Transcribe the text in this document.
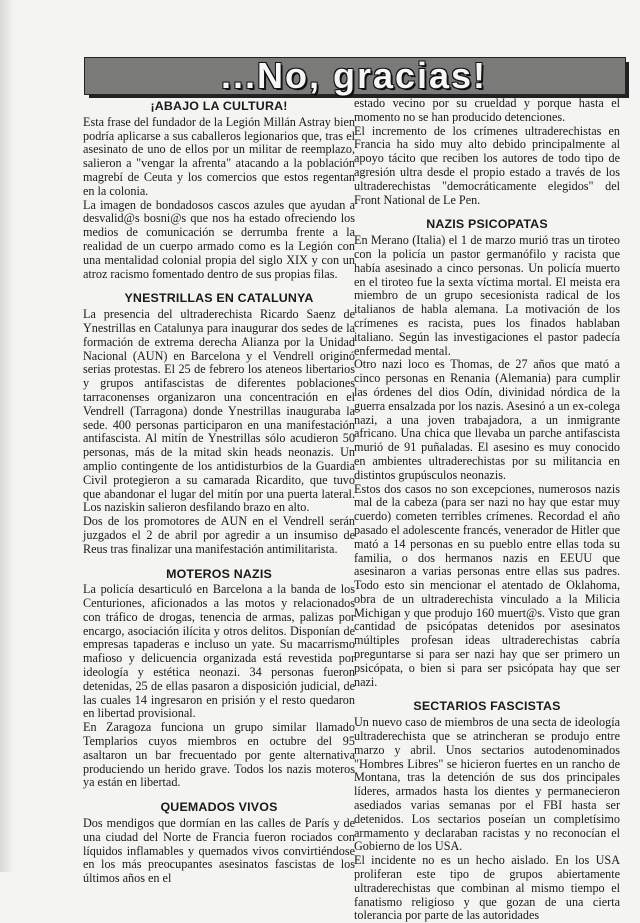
...No, gracias!
¡ABAJO LA CULTURA!

Esta frase del fundador de la Legión Millán Astray bien podría aplicarse a sus caballeros legionarios que, tras el asesinato de uno de ellos por un militar de reemplazo, salieron a "vengar la afrenta" atacando a la población magrebí de Ceuta y los comercios que estos regentan en la colonia.

La imagen de bondadosos cascos azules que ayudan a desvalid@s bosni@s que nos ha estado ofreciendo los medios de comunicación se derrumba frente a la realidad de un cuerpo armado como es la Legión con una mentalidad colonial propia del siglo XIX y con un atroz racismo fomentado dentro de sus propias filas.

YNESTRILLAS EN CATALUNYA

La presencia del ultraderechista Ricardo Saenz de Ynestrillas en Catalunya para inaugurar dos sedes de la formación de extrema derecha Alianza por la Unidad Nacional (AUN) en Barcelona y el Vendrell originó serias protestas. El 25 de febrero los ateneos libertarios y grupos antifascistas de diferentes poblaciones tarraconenses organizaron una concentración en el Vendrell (Tarragona) donde Ynestrillas inauguraba la sede. 400 personas participaron en una manifestación antifascista. Al mitín de Ynestrillas sólo acudieron 50 personas, más de la mitad skin heads neonazis. Un amplio contingente de los antidisturbios de la Guardia Civil protegieron a su camarada Ricardito, que tuvo que abandonar el lugar del mitín por una puerta lateral. Los naziskin salieron desfilando brazo en alto.

Dos de los promotores de AUN en el Vendrell serán juzgados el 2 de abril por agredir a un insumiso de Reus tras finalizar una manifestación antimilitarista.

MOTEROS NAZIS

La policía desarticuló en Barcelona a la banda de los Centuriones, aficionados a las motos y relacionados con tráfico de drogas, tenencia de armas, palizas por encargo, asociación ilícita y otros delitos. Disponían de empresas tapaderas e incluso un yate. Su macarrismo mafioso y delicuencia organizada está revestida por ideología y estética neonazi. 34 personas fueron detenidas, 25 de ellas pasaron a disposición judicial, de las cuales 14 ingresaron en prisión y el resto quedaron en libertad provisional.

En Zaragoza funciona un grupo similar llamado Templarios cuyos miembros en octubre del 95 asaltaron un bar frecuentado por gente alternativa produciendo un herido grave. Todos los nazis moteros ya están en libertad.

QUEMADOS VIVOS

Dos mendigos que dormían en las calles de París y de una ciudad del Norte de Francia fueron rociados con líquidos inflamables y quemados vivos convirtiéndose en los más preocupantes asesinatos fascistas de los últimos años en el

estado vecino por su crueldad y porque hasta el momento no se han producido detenciones.

El incremento de los crímenes ultraderechistas en Francia ha sido muy alto debido principalmente al apoyo tácito que reciben los autores de todo tipo de agresión ultra desde el propio estado a través de los ultraderechistas "democráticamente elegidos" del Front National de Le Pen.

NAZIS PSICOPATAS

En Merano (Italia) el 1 de marzo murió tras un tiroteo con la policía un pastor germanófilo y racista que había asesinado a cinco personas. Un policía muerto en el tiroteo fue la sexta víctima mortal. El meista era miembro de un grupo secesionista radical de los italianos de habla alemana. La motivación de los crímenes es racista, pues los finados hablaban italiano. Según las investigaciones el pastor padecía enfermedad mental.

Otro nazi loco es Thomas, de 27 años que mató a cinco personas en Renania (Alemania) para cumplir las órdenes del dios Odín, divinidad nórdica de la guerra ensalzada por los nazis. Asesinó a un ex-colega nazi, a una joven trabajadora, a un inmigrante africano. Una chica que llevaba un parche antifascista murió de 91 puñaladas. El asesino es muy conocido en ambientes ultraderechistas por su militancia en distintos grupúsculos neonazis.

Estos dos casos no son excepciones, numerosos nazis mal de la cabeza (para ser nazi no hay que estar muy cuerdo) cometen terribles crímenes. Recordad el año pasado el adolescente francés, venerador de Hitler que mató a 14 personas en su pueblo entre ellas toda su familia, o dos hermanos nazis en EEUU que asesinaron a varias personas entre ellas sus padres. Todo esto sin mencionar el atentado de Oklahoma, obra de un ultraderechista vinculado a la Milicia Michigan y que produjo 160 muert@s. Visto que gran cantidad de psicópatas detenidos por asesinatos múltiples profesan ideas ultraderechistas cabría preguntarse si para ser nazi hay que ser primero un psicópata, o bien si para ser psicópata hay que ser nazi.

SECTARIOS FASCISTAS

Un nuevo caso de miembros de una secta de ideología ultraderechista que se atrincheran se produjo entre marzo y abril. Unos sectarios autodenominados "Hombres Libres" se hicieron fuertes en un rancho de Montana, tras la detención de sus dos principales líderes, armados hasta los dientes y permanecieron asediados varias semanas por el FBI hasta ser detenidos. Los sectarios poseían un completísimo armamento y declaraban racistas y no reconocían el Gobierno de los USA.

El incidente no es un hecho aislado. En los USA proliferan este tipo de grupos abiertamente ultraderechistas que combinan al mismo tiempo el fanatismo religioso y que gozan de una cierta tolerancia por parte de las autoridades
